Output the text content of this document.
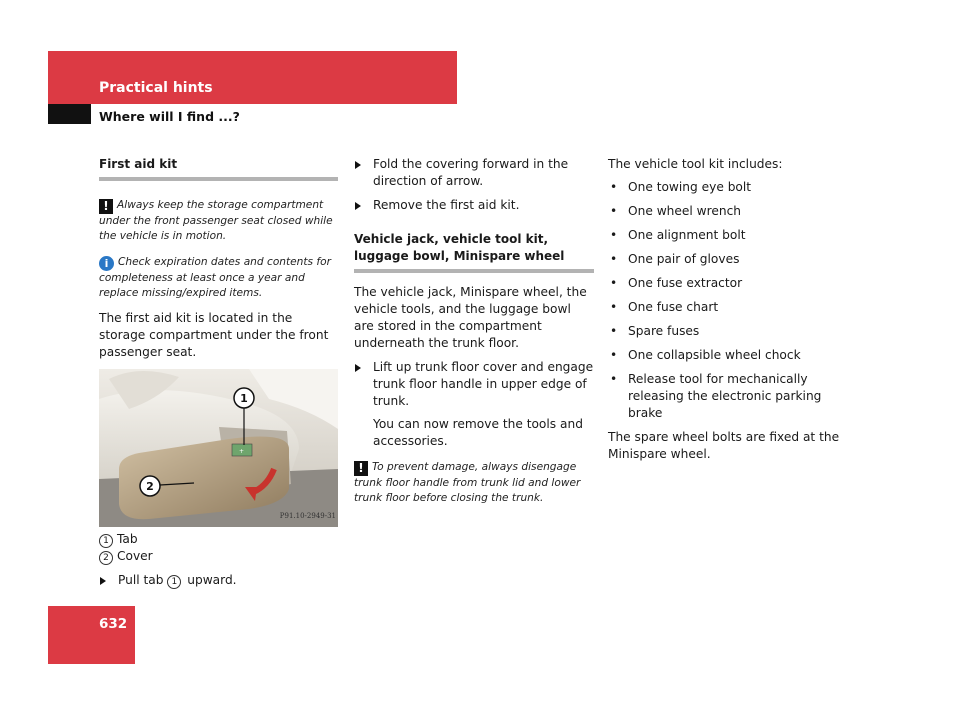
Practical hints
Where will I find ...?
First aid kit

! Always keep the storage compartment under the front passenger seat closed while the vehicle is in motion.

i Check expiration dates and contents for completeness at least once a year and replace missing/expired items.

The first aid kit is located in the storage compartment under the front passenger seat.

+
1
2
P91.10-2949-31

1 Tab

2 Cover

Pull tab 1 upward.

Fold the covering forward in the direction of arrow.

Remove the first aid kit.

Vehicle jack, vehicle tool kit, luggage bowl, Minispare wheel

The vehicle jack, Minispare wheel, the vehicle tools, and the luggage bowl are stored in the compartment underneath the trunk floor.

Lift up trunk floor cover and engage trunk floor handle in upper edge of trunk.

You can now remove the tools and accessories.

! To prevent damage, always disengage trunk floor handle from trunk lid and lower trunk floor before closing the trunk.

The vehicle tool kit includes:

• One towing eye bolt
• One wheel wrench
• One alignment bolt
• One pair of gloves
• One fuse extractor
• One fuse chart
• Spare fuses
• One collapsible wheel chock
• Release tool for mechanically releasing the electronic parking brake

The spare wheel bolts are fixed at the Minispare wheel.

632
